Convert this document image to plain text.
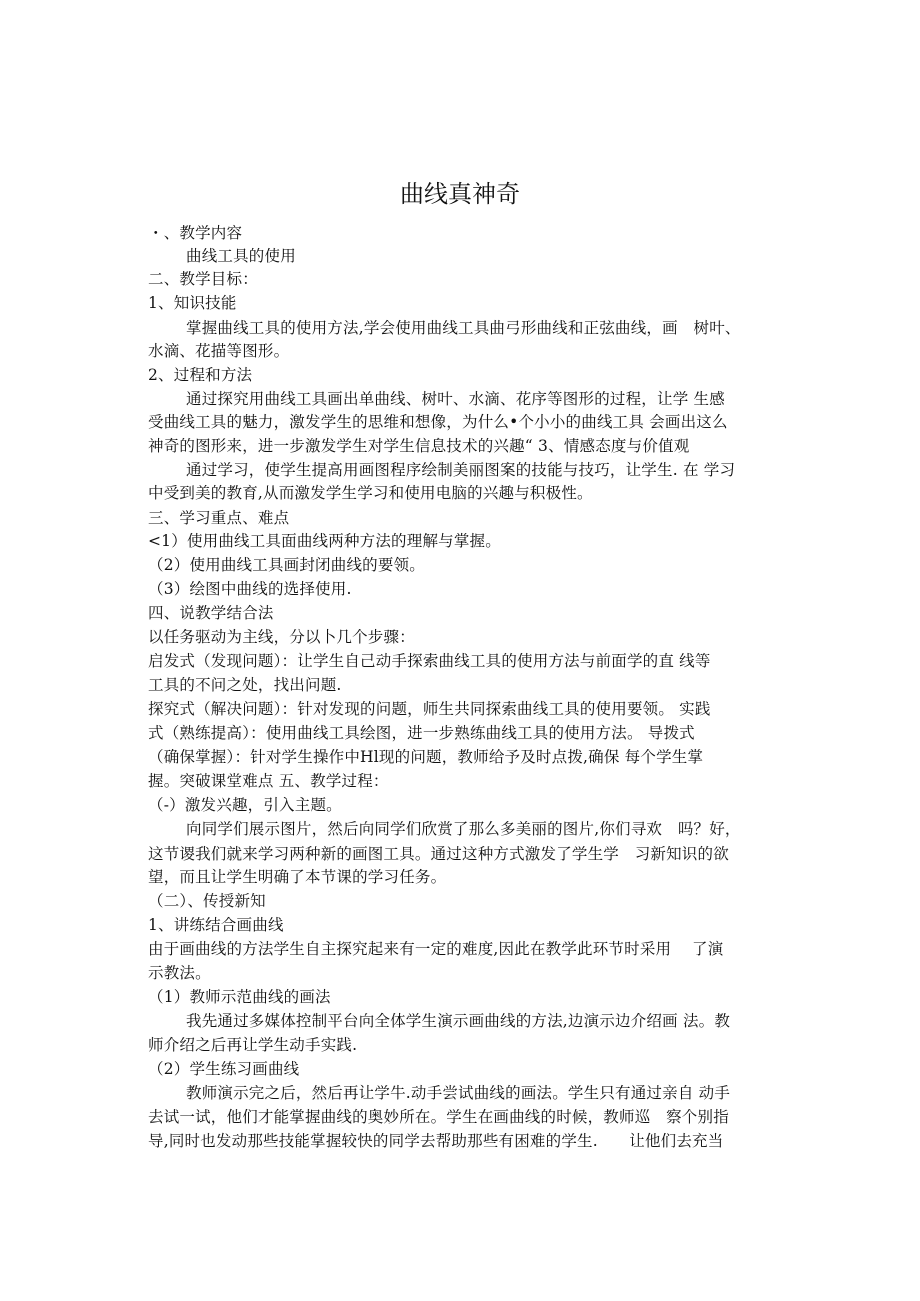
曲线真神奇
・、教学内容
曲线工具的使用
二、教学目标：
1、知识技能
掌握曲线工具的使用方法,学会使用曲线工具曲弓形曲线和正弦曲线，画　树叶、
水滴、花描等图形。
2、过程和方法
通过探究用曲线工具画出单曲线、树叶、水滴、花序等图形的过程，让学 生感
受曲线工具的魅力，激发学生的思维和想像，为什么•个小小的曲线工具 会画出这么
神奇的图形来，进一步激发学生对学生信息技术的兴趣“ 3、情感态度与价值观
通过学习，使学生提高用画图程序绘制美丽图案的技能与技巧，让学生. 在 学习
中受到美的教育,从而激发学生学习和使用电脑的兴趣与积极性。
三、学习重点、难点
<1）使用曲线工具面曲线两种方法的理解与掌握。
（2）使用曲线工具画封闭曲线的要领。
（3）绘图中曲线的选择使用.
四、说教学结合法
以任务驱动为主线，分以卜几个步骤：
启发式（发现问题）：让学生自己动手探索曲线工具的使用方法与前面学的直 线等
工具的不问之处，找出问题.
探究式（解决问题）：针对发现的问题，师生共同探索曲线工具的使用要领。 实践
式（熟练提高）：使用曲线工具绘图，进一步熟练曲线工具的使用方法。 导拨式
（确保掌握）：针对学生操作中Hl现的问题，教师给予及时点拨,确保 每个学生掌
握。突破课堂难点 五、教学过程：
（-）激发兴趣，引入主题。
向同学们展示图片，然后向同学们欣赏了那么多美丽的图片,你们寻欢　吗？好，
这节谡我们就来学习两种新的画图工具。通过这种方式激发了学生学　习新知识的欲
望，而且让学生明确了本节课的学习任务。
（二）、传授新知
1、讲练结合画曲线
由于画曲线的方法学生自主探究起来有一定的难度,因此在教学此环节时采用　 了演
示教法。
（1）教师示范曲线的画法
我先通过多媒体控制平台向全体学生演示画曲线的方法,边演示边介绍画 法。教
师介绍之后再让学生动手实践.
（2）学生练习画曲线
教师演示完之后，然后再让学牛.动手尝试曲线的画法。学生只有通过亲自 动手
去试一试，他们才能掌握曲线的奥妙所在。学生在画曲线的时候，教师巡　察个别指
导,同时也发动那些技能掌握较快的同学去帮助那些有困难的学生.　　让他们去充当
